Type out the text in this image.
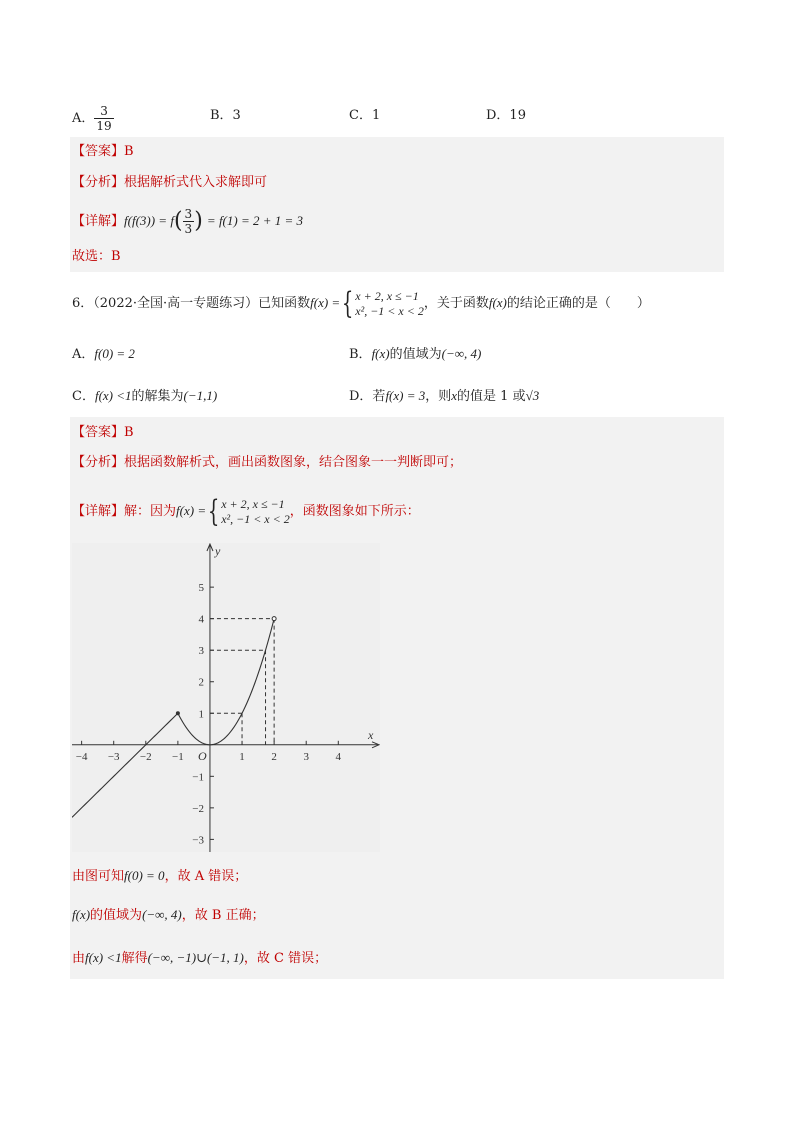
A． $\frac{3}{19}$	B．3	C．1	D．19
【答案】B
【分析】根据解析式代入求解即可
【详解】$f(f(3)) = f( \frac{3}{3}$ ) = f(1) = 2 + 1 = 3
故选：B
6．（2022·全国·高一专题练习）已知函数f(x) ={ x + 2, x ≤ −1
x², −1 < x < 2 ，关于函数f(x)的结论正确的是（　　）
A．f(0) = 2	B．f(x)的值域为(−∞, 4)
C．f(x) <1的解集为(−1,1)	D．若f(x) = 3，则x的值是 1 或√3
【答案】B
【分析】根据函数解析式，画出函数图象，结合图象一一判断即可；
【详解】解：因为f(x) ={ x + 2, x ≤ −1
x², −1 < x < 2 ，函数图象如下所示：
x
y
O
−4 −3 −2 −1	1 2 3 4
5
4
3
2
1
−1
−2
−3
由图可知f(0) = 0，故 A 错误；
f(x)的值域为(−∞, 4)，故 B 正确；
由f(x) <1解得(−∞, −1)∪(−1, 1)，故 C 错误；
